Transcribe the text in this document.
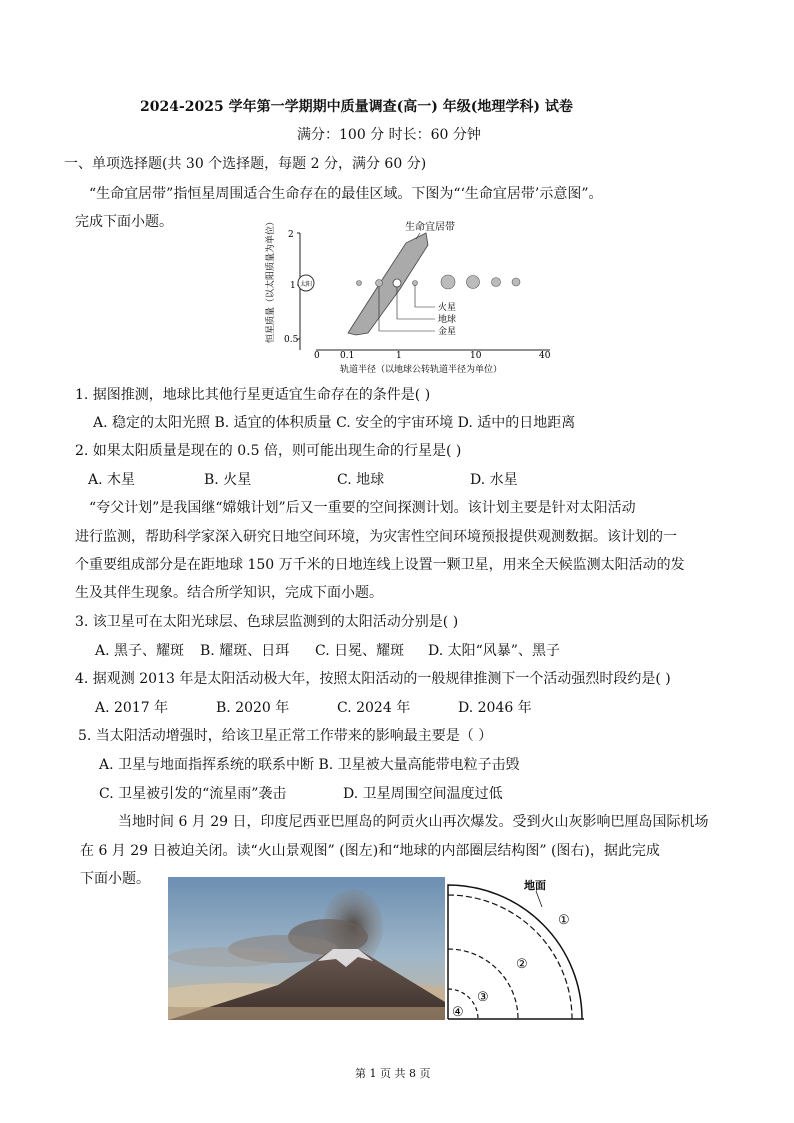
2024-2025 学年第一学期期中质量调查(高一) 年级(地理学科) 试卷
满分：100 分 时长：60 分钟
一、单项选择题(共 30 个选择题，每题 2 分，满分 60 分)
“生命宜居带”指恒星周围适合生命存在的最佳区域。下图为“‘生命宜居带’示意图”。
完成下面小题。	恒星质量（以太阳质量为单位） 2
1
0.5
0 0.1	1	10	40
轨道半径（以地球公转轨道半径为单位）
生命宜居带
太阳
火星
地球
金星
1. 据图推测，地球比其他行星更适宜生命存在的条件是( )
A. 稳定的太阳光照 B. 适宜的体积质量 C. 安全的宇宙环境 D. 适中的日地距离
2. 如果太阳质量是现在的 0.5 倍，则可能出现生命的行星是( )
A. 木星	B. 火星	C. 地球	D. 水星
“夸父计划”是我国继“嫦娥计划”后又一重要的空间探测计划。该计划主要是针对太阳活动
进行监测，帮助科学家深入研究日地空间环境，为灾害性空间环境预报提供观测数据。该计划的一
个重要组成部分是在距地球 150 万千米的日地连线上设置一颗卫星，用来全天候监测太阳活动的发
生及其伴生现象。结合所学知识，完成下面小题。
3. 该卫星可在太阳光球层、色球层监测到的太阳活动分别是( )
A. 黑子、耀斑 B. 耀斑、日珥 C. 日冕、耀斑 D. 太阳“风暴”、黑子
4. 据观测 2013 年是太阳活动极大年，按照太阳活动的一般规律推测下一个活动强烈时段约是( )
A. 2017 年	B. 2020 年	C. 2024 年	D. 2046 年
5. 当太阳活动增强时，给该卫星正常工作带来的影响最主要是（ ）
A. 卫星与地面指挥系统的联系中断 B. 卫星被大量高能带电粒子击毁
C. 卫星被引发的“流星雨”袭击	D. 卫星周围空间温度过低
当地时间 6 月 29 日，印度尼西亚巴厘岛的阿贡火山再次爆发。受到火山灰影响巴厘岛国际机场
在 6 月 29 日被迫关闭。读“火山景观图” (图左)和“地球的内部圈层结构图” (图右)，据此完成
下面小题。	地面
①
②
③
④
第 1 页 共 8 页
